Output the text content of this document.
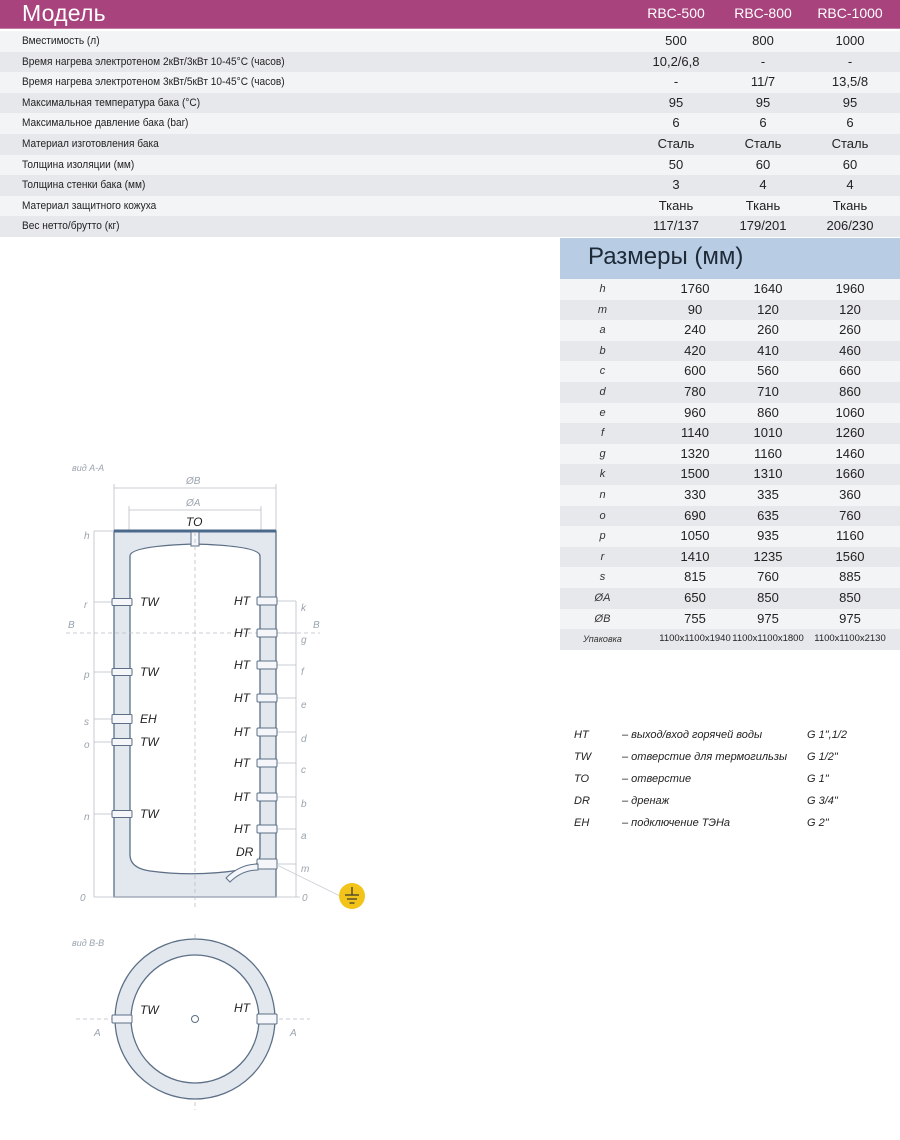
Модель	RBC-500	RBC-800	RBC-1000
Вместимость (л)	500	800	1000
Время нагрева электротеном 2кВт/3кВт 10-45°С (часов)	10,2/6,8	-	-
Время нагрева электротеном 3кВт/5кВт 10-45°С (часов)	-	11/7	13,5/8
Максимальная температура бака (°С)	95	95	95
Максимальное давление бака (bar)	6	6	6
Материал изготовления бака	Сталь	Сталь	Сталь
Толщина изоляции (мм)	50	60	60
Толщина стенки бака (мм)	3	4	4
Материал защитного кожуха	Ткань	Ткань	Ткань
Вес нетто/брутто (кг)	117/137	179/201	206/230
Размеры (мм)
h	1760	1640	1960
m	90	120	120
a	240	260	260
b	420	410	460
c	600	560	660
d	780	710	860
e	960	860	1060
f	1140	1010	1260
g	1320	1160	1460
k	1500	1310	1660
n	330	335	360
o	690	635	760
p	1050	935	1160
r	1410	1235	1560
s	815	760	885
ØA	650	850	850
ØB	755	975	975
Упаковка	1100x1100x1940 1100x1100x1800	1100x1100x2130
HT	– выход/вход горячей воды	G 1",1/2
TW	– отверстие для термогильзы G 1/2"
TO	– отверстие	G 1"
DR	– дренаж	G 3/4"
EH	– подключение ТЭНа	G 2"
вид А-А
ØB
ØA
TO
B	B
0	0
h
TW
r
TW
p
EH
s
TW
o
TW
n
HT
k
HT
g
HT
f
HT
e
HT
d
HT
c
HT
b
HT
a
m
DR
вид В-В
TW	HT
A	A
